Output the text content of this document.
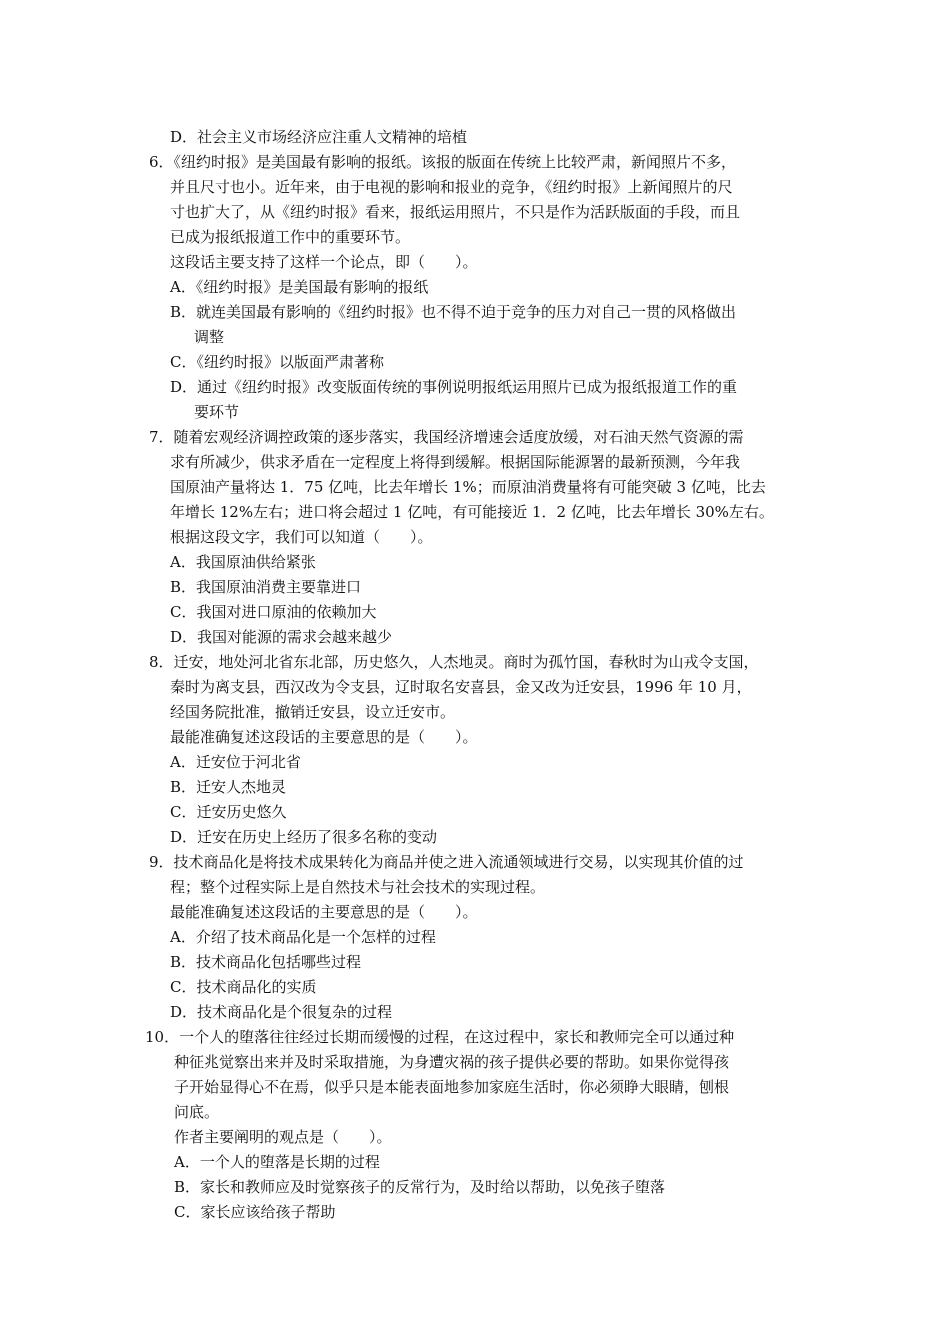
D．社会主义市场经济应注重人文精神的培植
6．《纽约时报》是美国最有影响的报纸。该报的版面在传统上比较严肃，新闻照片不多，
并且尺寸也小。近年来，由于电视的影响和报业的竞争，《纽约时报》上新闻照片的尺
寸也扩大了，从《纽约时报》看来，报纸运用照片，不只是作为活跃版面的手段，而且
已成为报纸报道工作中的重要环节。
这段话主要支持了这样一个论点，即（　　）。
A．《纽约时报》是美国最有影响的报纸
B．就连美国最有影响的《纽约时报》也不得不迫于竞争的压力对自己一贯的风格做出
调整
C．《纽约时报》以版面严肃著称
D．通过《纽约时报》改变版面传统的事例说明报纸运用照片已成为报纸报道工作的重
要环节
7．随着宏观经济调控政策的逐步落实，我国经济增速会适度放缓，对石油天然气资源的需
求有所减少，供求矛盾在一定程度上将得到缓解。根据国际能源署的最新预测，今年我
国原油产量将达 1．75 亿吨，比去年增长 1%；而原油消费量将有可能突破 3 亿吨，比去
年增长 12%左右；进口将会超过 1 亿吨，有可能接近 1．2 亿吨，比去年增长 30%左右。
根据这段文字，我们可以知道（　　）。
A．我国原油供给紧张
B．我国原油消费主要靠进口
C．我国对进口原油的依赖加大
D．我国对能源的需求会越来越少
8．迁安，地处河北省东北部，历史悠久，人杰地灵。商时为孤竹国，春秋时为山戎令支国，
秦时为离支县，西汉改为令支县，辽时取名安喜县，金又改为迁安县，1996 年 10 月，
经国务院批准，撤销迁安县，设立迁安市。
最能准确复述这段话的主要意思的是（　　）。
A．迁安位于河北省
B．迁安人杰地灵
C．迁安历史悠久
D．迁安在历史上经历了很多名称的变动
9．技术商品化是将技术成果转化为商品并使之进入流通领域进行交易，以实现其价值的过
程；整个过程实际上是自然技术与社会技术的实现过程。
最能准确复述这段话的主要意思的是（　　）。
A．介绍了技术商品化是一个怎样的过程
B．技术商品化包括哪些过程
C．技术商品化的实质
D．技术商品化是个很复杂的过程
10．一个人的堕落往往经过长期而缓慢的过程，在这过程中，家长和教师完全可以通过种
种征兆觉察出来并及时采取措施，为身遭灾祸的孩子提供必要的帮助。如果你觉得孩
子开始显得心不在焉，似乎只是本能表面地参加家庭生活时，你必须睁大眼睛，刨根
问底。
作者主要阐明的观点是（　　）。
A．一个人的堕落是长期的过程
B．家长和教师应及时觉察孩子的反常行为，及时给以帮助，以免孩子堕落
C．家长应该给孩子帮助
